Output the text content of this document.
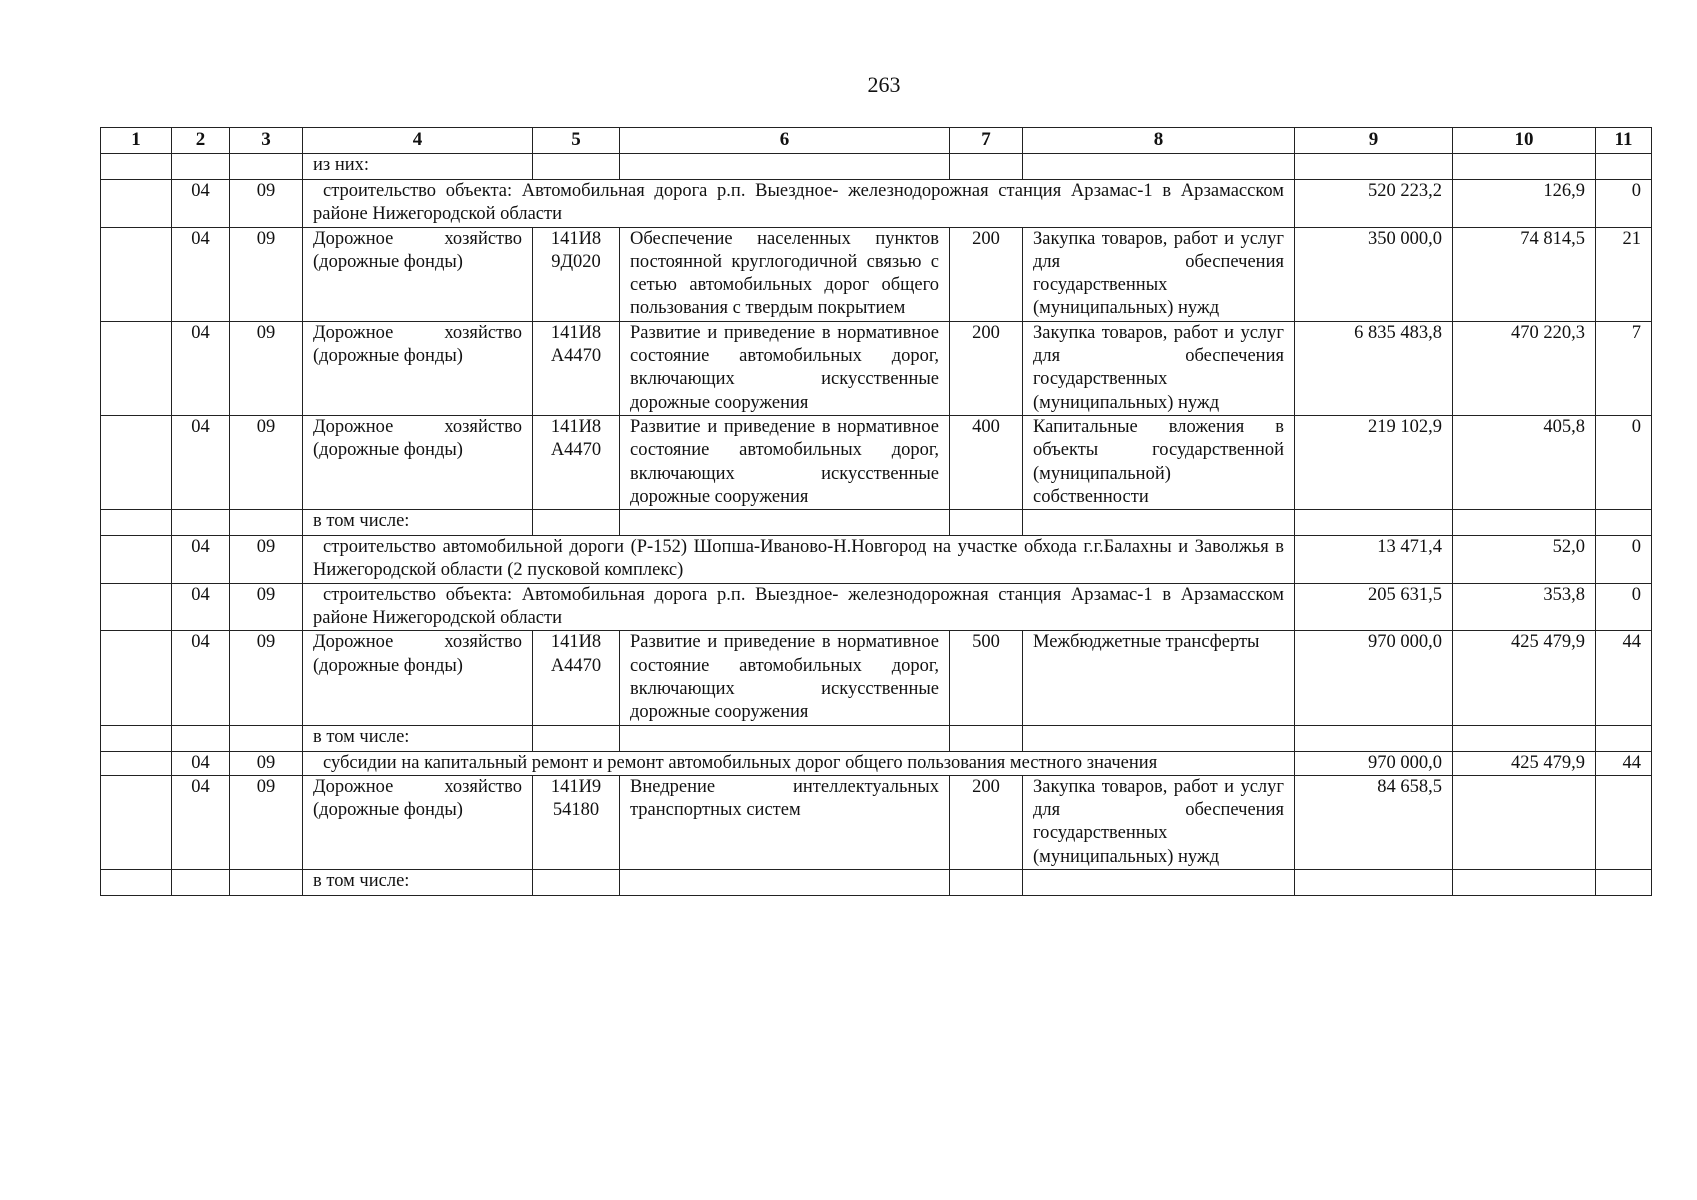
263
1	2	3	4	5	6	7	8	9	10	11
			из них:							
	04	09	строительство объекта: Автомобильная дорога р.п. Выездное- железнодорожная станция Арзамас-1 в Арзамасском районе Нижегородской области					520 223,2	126,9	0
	04	09	Дорожное хозяйство (дорожные фонды)	141И8 9Д020	Обеспечение населенных пунктов постоянной круглогодичной связью с сетью автомобильных дорог общего пользования с твердым покрытием	200	Закупка товаров, работ и услуг для обеспечения государственных (муниципальных) нужд	350 000,0	74 814,5	21
	04	09	Дорожное хозяйство (дорожные фонды)	141И8 А4470	Развитие и приведение в нормативное состояние автомобильных дорог, включающих искусственные дорожные сооружения	200	Закупка товаров, работ и услуг для обеспечения государственных (муниципальных) нужд	6 835 483,8	470 220,3	7
	04	09	Дорожное хозяйство (дорожные фонды)	141И8 А4470	Развитие и приведение в нормативное состояние автомобильных дорог, включающих искусственные дорожные сооружения	400	Капитальные вложения в объекты государственной (муниципальной) собственности	219 102,9	405,8	0
			в том числе:							
	04	09	строительство автомобильной дороги (Р-152) Шопша-Иваново-Н.Новгород на участке обхода г.г.Балахны и Заволжья в Нижегородской области (2 пусковой комплекс)					13 471,4	52,0	0
	04	09	строительство объекта: Автомобильная дорога р.п. Выездное- железнодорожная станция Арзамас-1 в Арзамасском районе Нижегородской области					205 631,5	353,8	0
	04	09	Дорожное хозяйство (дорожные фонды)	141И8 А4470	Развитие и приведение в нормативное состояние автомобильных дорог, включающих искусственные дорожные сооружения	500	Межбюджетные трансферты	970 000,0	425 479,9	44
			в том числе:							
	04	09	субсидии на капитальный ремонт и ремонт автомобильных дорог общего пользования местного значения					970 000,0	425 479,9	44
	04	09	Дорожное хозяйство (дорожные фонды)	141И9 54180	Внедрение интеллектуальных транспортных систем	200	Закупка товаров, работ и услуг для обеспечения государственных (муниципальных) нужд	84 658,5		
			в том числе:							
